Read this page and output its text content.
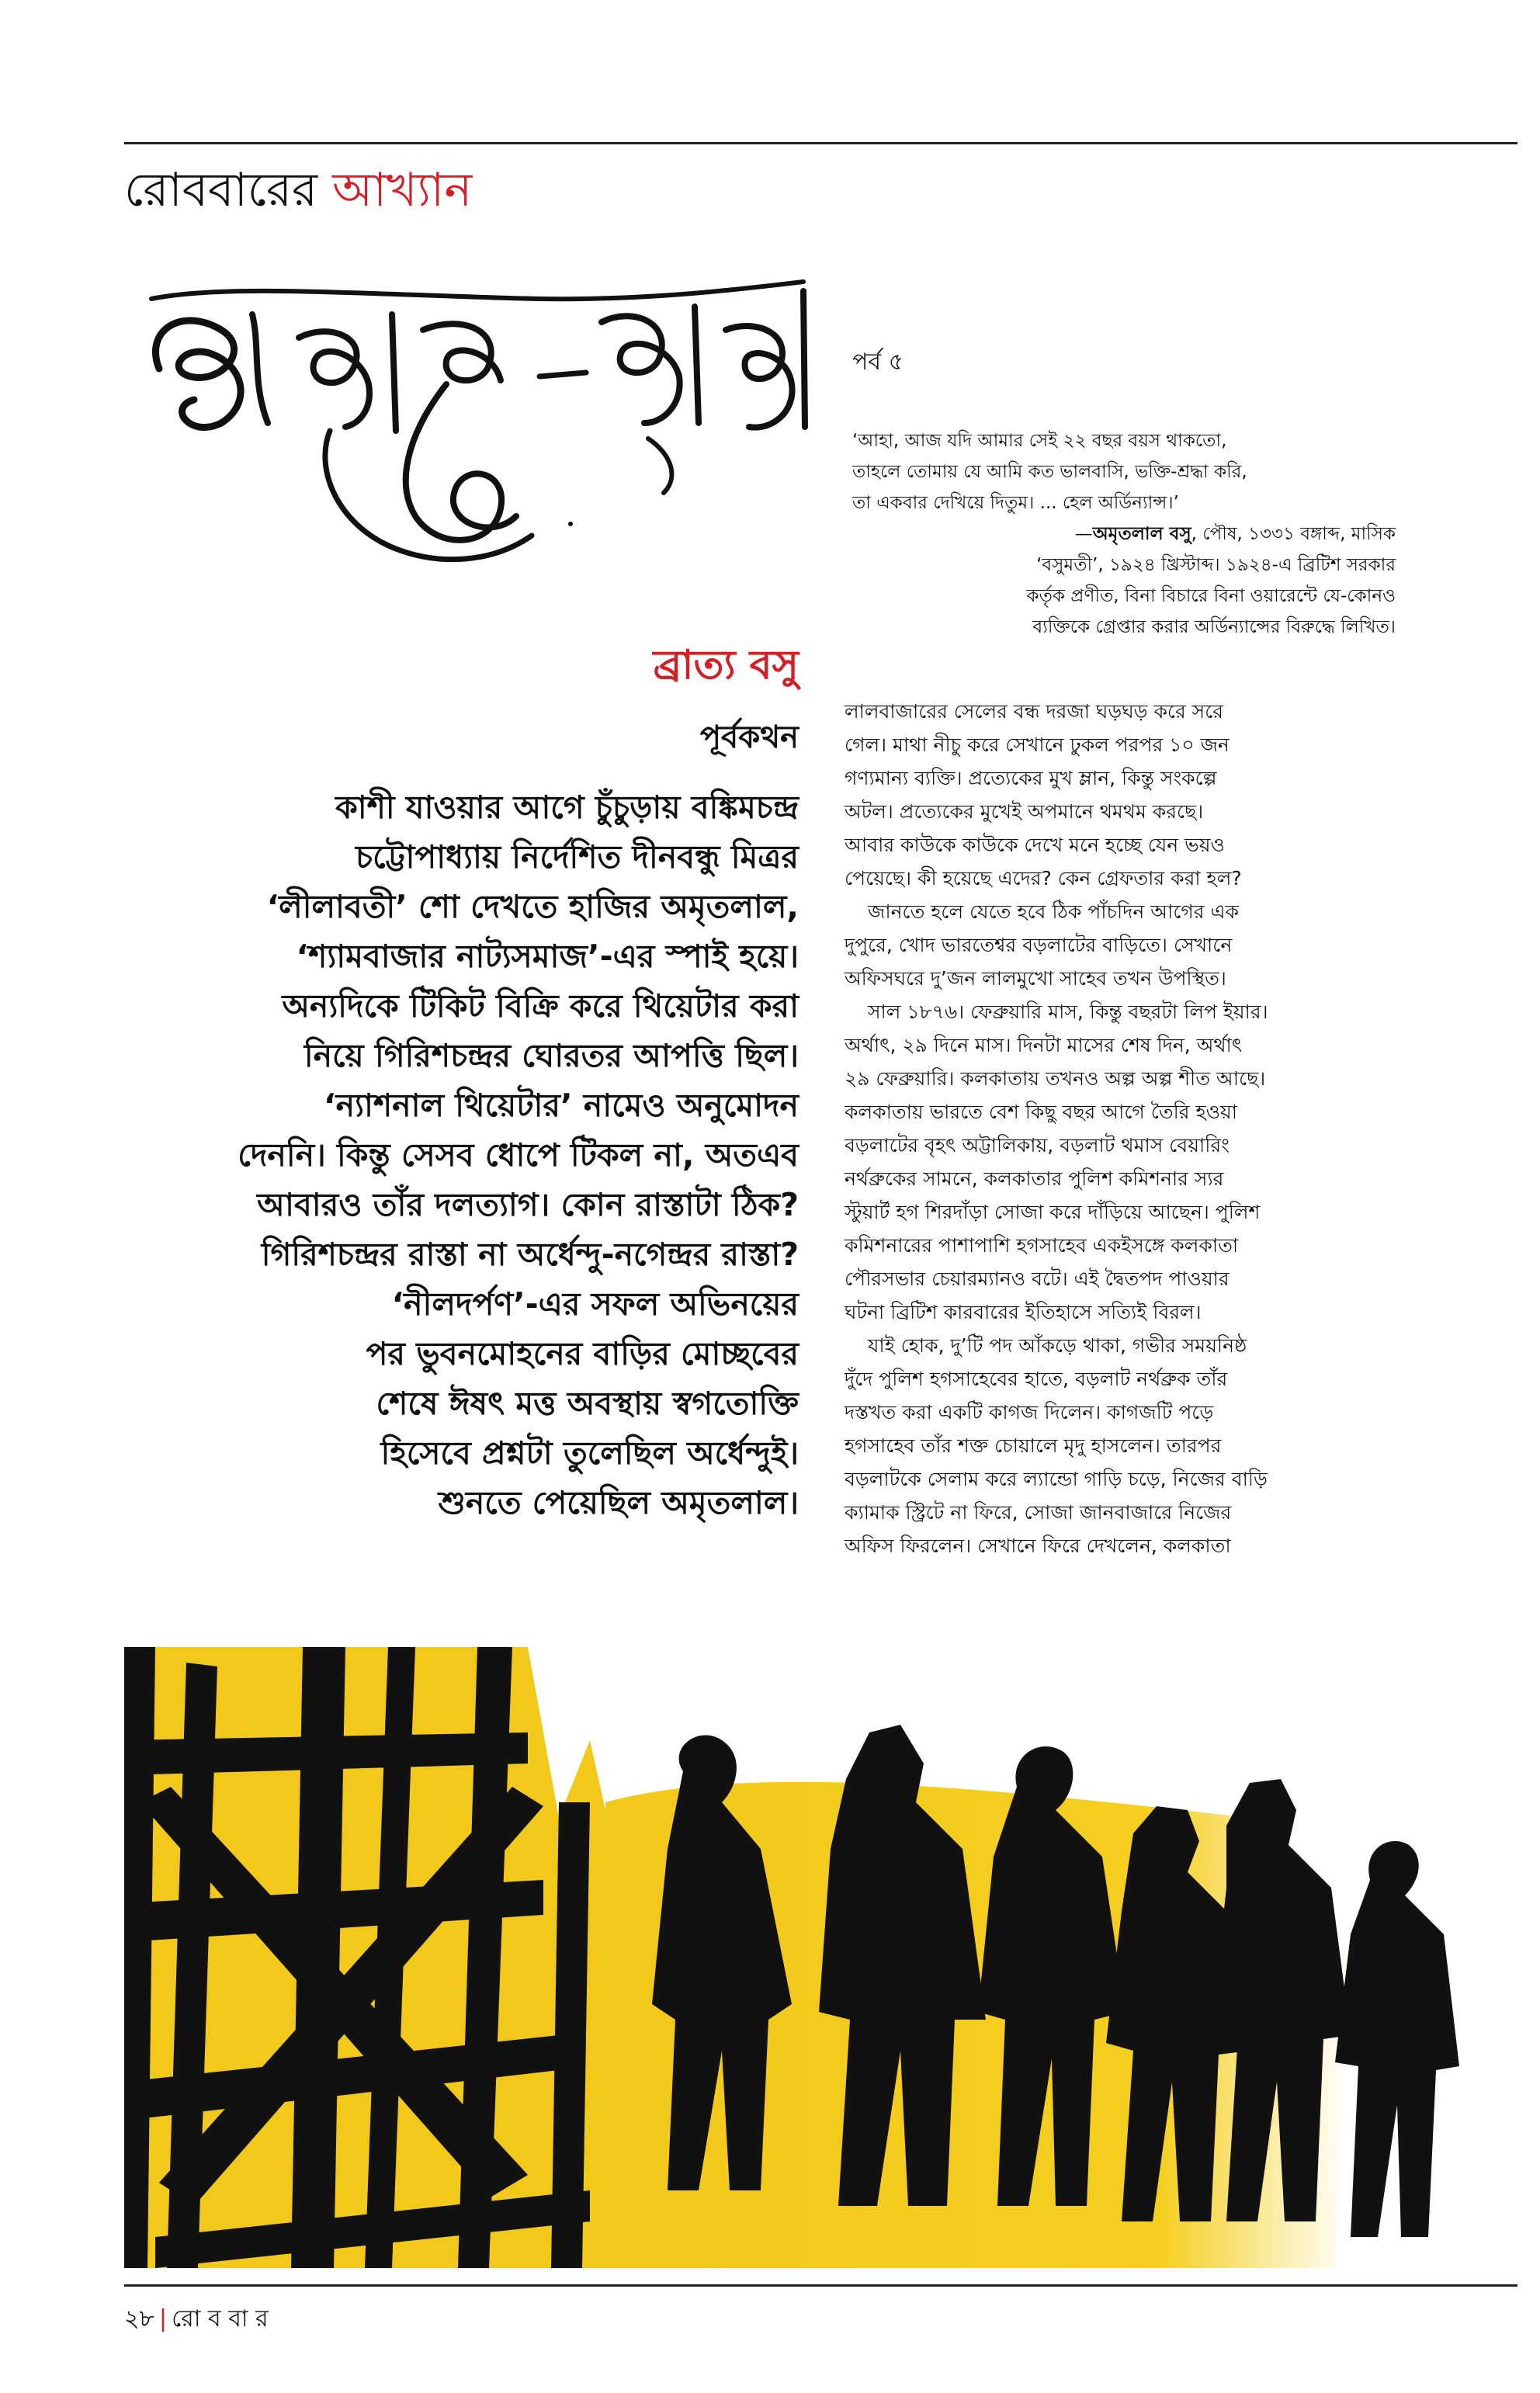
রোববারের আখ্যান
পর্ব ৫
‘আহা, আজ যদি আমার সেই ২২ বছর বয়স থাকতো,
তাহলে তোমায় যে আমি কত ভালবাসি, ভক্তি-শ্রদ্ধা করি,
তা একবার দেখিয়ে দিতুম। ... হেল অর্ডিন্যান্স।’
—অমৃতলাল বসু, পৌষ, ১৩৩১ বঙ্গাব্দ, মাসিক
‘বসুমতী’, ১৯২৪ খ্রিস্টাব্দ। ১৯২৪-এ ব্রিটিশ সরকার
কর্তৃক প্রণীত, বিনা বিচারে বিনা ওয়ারেন্টে যে-কোনও
ব্যক্তিকে গ্রেপ্তার করার অর্ডিন্যান্সের বিরুদ্ধে লিখিত।
ব্রাত্য বসু
পূর্বকথন
কাশী যাওয়ার আগে চুঁচুড়ায় বঙ্কিমচন্দ্র
চট্টোপাধ্যায় নির্দেশিত দীনবন্ধু মিত্রর
‘লীলাবতী’ শো দেখতে হাজির অমৃতলাল,
‘শ্যামবাজার নাট্যসমাজ’-এর স্পাই হয়ে।
অন্যদিকে টিকিট বিক্রি করে থিয়েটার করা
নিয়ে গিরিশচন্দ্রর ঘোরতর আপত্তি ছিল।
‘ন্যাশনাল থিয়েটার’ নামেও অনুমোদন
দেননি। কিন্তু সেসব ধোপে টিকল না, অতএব
আবারও তাঁর দলত্যাগ। কোন রাস্তাটা ঠিক?
গিরিশচন্দ্রর রাস্তা না অর্ধেন্দু-নগেন্দ্রর রাস্তা?
‘নীলদর্পণ’-এর সফল অভিনয়ের
পর ভুবনমোহনের বাড়ির মোচ্ছবের
শেষে ঈষৎ মত্ত অবস্থায় স্বগতোক্তি
হিসেবে প্রশ্নটা তুলেছিল অর্ধেন্দুই।
শুনতে পেয়েছিল অমৃতলাল।
লালবাজারের সেলের বন্ধ দরজা ঘড়ঘড় করে সরে
গেল। মাথা নীচু করে সেখানে ঢুকল পরপর ১০ জন
গণ্যমান্য ব্যক্তি। প্রত্যেকের মুখ ম্লান, কিন্তু সংকল্পে
অটল। প্রত্যেকের মুখেই অপমানে থমথম করছে।
আবার কাউকে কাউকে দেখে মনে হচ্ছে যেন ভয়ও
পেয়েছে। কী হয়েছে এদের? কেন গ্রেফতার করা হল?
জানতে হলে যেতে হবে ঠিক পাঁচদিন আগের এক
দুপুরে, খোদ ভারতেশ্বর বড়লাটের বাড়িতে। সেখানে
অফিসঘরে দু’জন লালমুখো সাহেব তখন উপস্থিত।
সাল ১৮৭৬। ফেব্রুয়ারি মাস, কিন্তু বছরটা লিপ ইয়ার।
অর্থাৎ, ২৯ দিনে মাস। দিনটা মাসের শেষ দিন, অর্থাৎ
২৯ ফেব্রুয়ারি। কলকাতায় তখনও অল্প অল্প শীত আছে।
কলকাতায় ভারতে বেশ কিছু বছর আগে তৈরি হওয়া
বড়লাটের বৃহৎ অট্টালিকায়, বড়লাট থমাস বেয়ারিং
নর্থব্রুকের সামনে, কলকাতার পুলিশ কমিশনার স্যর
স্টুয়ার্ট হগ শিরদাঁড়া সোজা করে দাঁড়িয়ে আছেন। পুলিশ
কমিশনারের পাশাপাশি হগসাহেব একইসঙ্গে কলকাতা
পৌরসভার চেয়ারম্যানও বটে। এই দ্বৈতপদ পাওয়ার
ঘটনা ব্রিটিশ কারবারের ইতিহাসে সত্যিই বিরল।
যাই হোক, দু’টি পদ আঁকড়ে থাকা, গভীর সময়নিষ্ঠ
দুঁদে পুলিশ হগসাহেবের হাতে, বড়লাট নর্থব্রুক তাঁর
দস্তখত করা একটি কাগজ দিলেন। কাগজটি পড়ে
হগসাহেব তাঁর শক্ত চোয়ালে মৃদু হাসলেন। তারপর
বড়লাটকে সেলাম করে ল্যান্ডো গাড়ি চড়ে, নিজের বাড়ি
ক্যামাক স্ট্রিটে না ফিরে, সোজা জানবাজারে নিজের
অফিস ফিরলেন। সেখানে ফিরে দেখলেন, কলকাতা
২৮ | রো ব বা র
